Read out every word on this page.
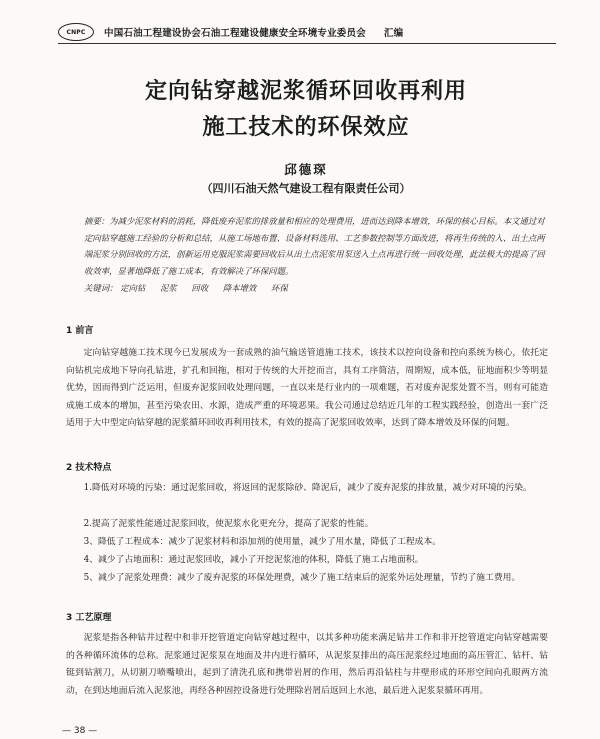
CNPC 中国石油工程建设协会石油工程建设健康安全环境专业委员会 汇编
定向钻穿越泥浆循环回收再利用
施工技术的环保效应
邱德琛
（四川石油天然气建设工程有限责任公司）
摘要：为减少泥浆材料的消耗，降低废弃泥浆的排放量和相应的处理费用，进而达到降本增效，环保的核心目标。本文通过对定向钻穿越施工经验的分析和总结，从施工场地布置、设备材料选用、工艺参数控制等方面改进，将再生传统的入、出土点两端泥浆分别回收的方法，创新运用克服泥浆需要回收后从出土点泥浆用泵送入土点再进行统一回收处理，此法极大的提高了回收效率，显著地降低了施工成本，有效解决了环保问题。
关键词： 定向钻 泥浆 回收 降本增效 环保
1 前言

定向钻穿越施工技术现今已发展成为一套成熟的油气输送管道施工技术，该技术以控向设备和控向系统为核心，依托定向钻机完成地下导向孔钻进，扩孔和回拖，相对于传统的大开挖而言，具有工序简洁，周期短，成本低，征地面积少等明显优势，因而得到广泛运用，但废弃泥浆回收处理问题，一直以来是行业内的一项难题，若对废弃泥浆处置不当，则有可能造成施工成本的增加，甚至污染农田、水源，造成严重的环境恶果。我公司通过总结近几年的工程实践经验，创造出一套广泛适用于大中型定向钻穿越的泥浆循环回收再利用技术，有效的提高了泥浆回收效率，达到了降本增效及环保的问题。

2 技术特点

1.降低对环境的污染：通过泥浆回收，将返回的泥浆除砂、降泥后，减少了废弃泥浆的排放量，减少对环境的污染。

2.提高了泥浆性能通过泥浆回收，使泥浆水化更充分，提高了泥浆的性能。

3、降低了工程成本：减少了泥浆材料和添加剂的使用量，减少了用水量，降低了工程成本。

4、减少了占地面积：通过泥浆回收，减小了开挖泥浆池的体积，降低了施工占地面积。

5、减少了泥浆处理费：减少了废弃泥浆的环保处理费，减少了施工结束后的泥浆外运处理量，节约了施工费用。

3 工艺原理

泥浆是指各种钻井过程中和非开挖管道定向钻穿越过程中，以其多种功能来满足钻井工作和非开挖管道定向钻穿越需要的各种循环流体的总称。泥浆通过泥浆泵在地面及井内进行循环，从泥浆泵排出的高压泥浆经过地面的高压管汇、钻杆、钻铤到钻割刀，从切割刀喷嘴喷出，起到了清洗孔底和携带岩屑的作用，然后再沿钻柱与井壁形成的环形空间向孔眼两方流动，在到达地面后流入泥浆池，再经各种固控设备进行处理除岩屑后返回上水池，最后进入泥浆泵循环再用。

— 38 —
